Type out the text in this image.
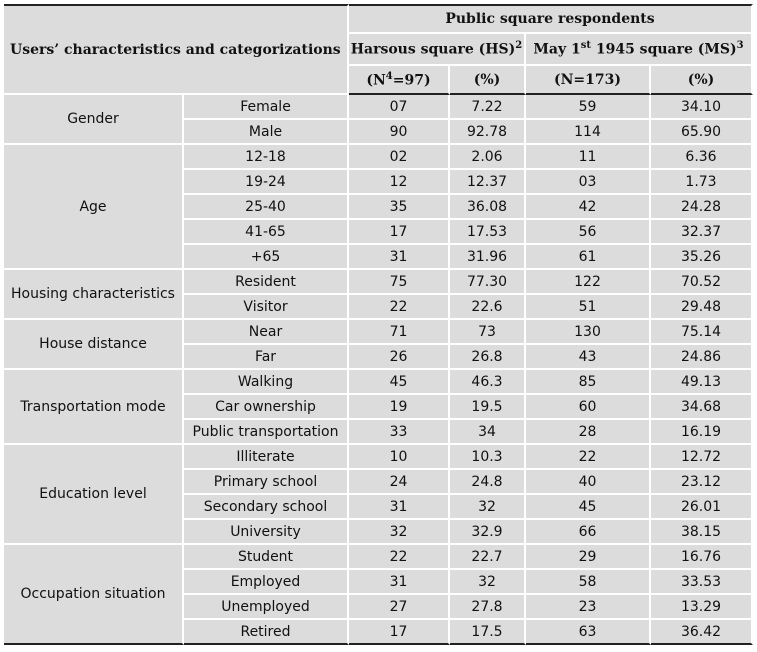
Users’ characteristics and categorizations		Public square respondents			
		Harsous square (HS)$^2$		May 1st 1945 square (MS)$^3$
		$(N^4=97)$	(%)	(N=173)	(%)
Gender	Female	07	7.22	59	34.10
	Male	90	92.78	114	65.90
Age	12-18	02	2.06	11	6.36
	19-24	12	12.37	03	1.73
	25-40	35	36.08	42	24.28
	41-65	17	17.53	56	32.37
	+65	31	31.96	61	35.26
Housing characteristics	Resident	75	77.30	122	70.52
	Visitor	22	22.6	51	29.48
House distance	Near	71	73	130	75.14
	Far	26	26.8	43	24.86
Transportation mode	Walking	45	46.3	85	49.13
	Car ownership	19	19.5	60	34.68
	Public transportation	33	34	28	16.19
Education level	Illiterate	10	10.3	22	12.72
	Primary school	24	24.8	40	23.12
	Secondary school	31	32	45	26.01
	University	32	32.9	66	38.15
Occupation situation	Student	22	22.7	29	16.76
	Employed	31	32	58	33.53
	Unemployed	27	27.8	23	13.29
	Retired	17	17.5	63	36.42
